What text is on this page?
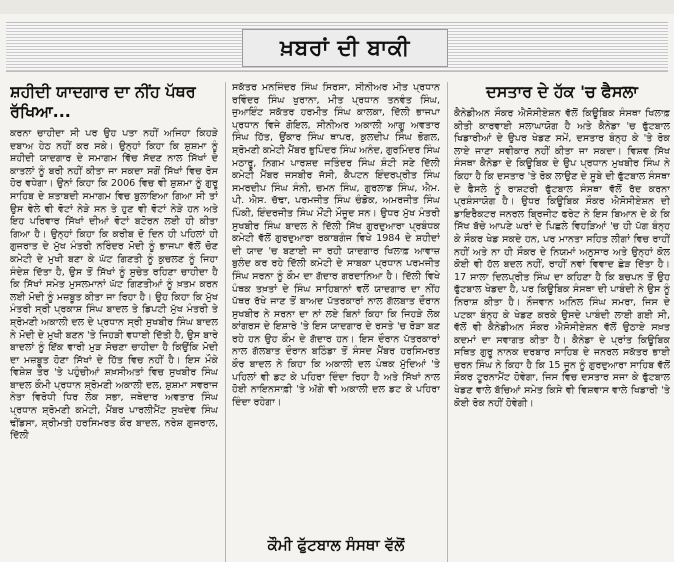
ਖ਼ਬਰਾਂ ਦੀ ਬਾਕੀ
ਸ਼ਹੀਦੀ ਯਾਦਗਾਰ ਦਾ ਨੀਂਹ ਪੱਥਰ ਰੱਖਿਆ...
ਕਰਨਾ ਚਾਹੀਦਾ ਸੀ ਪਰ ਉਹ ਪਤਾ ਨਹੀਂ ਅਜਿਹਾ ਕਿਹੜੇ ਦਬਾਅ ਹੇਠ ਨਹੀਂ ਕਰ ਸਕੇ। ਉਨ੍ਹਾਂ ਕਿਹਾ ਕਿ ਸ਼ੁਸ਼ਮਾ ਨੂੰ ਸ਼ਹੀਦੀ ਯਾਦਗਾਰ ਦੇ ਸਮਾਗਮ ਵਿੱਚ ਸੱਦਣ ਨਾਲ ਸਿੱਖਾਂ ਦੇ ਕਾਤਲਾਂ ਨੂੰ ਬਰੀ ਨਹੀਂ ਕੀਤਾ ਜਾ ਸਕਦਾ ਸਗੋਂ ਸਿੱਖਾਂ ਵਿਚ ਰੋਸ ਹੋਰ ਵਧੇਗਾ। ਉਨਾਂ ਕਿਹਾ ਕਿ 2006 ਵਿਚ ਵੀ ਸ਼ੁਸ਼ਮਾ ਨੂੰ ਗੁਰੂ ਸਾਹਿਬ ਦੇ ਸ਼ਤਾਬਦੀ ਸਮਾਗਮ ਵਿਚ ਬੁਲਾਇਆ ਗਿਆ ਸੀ ਤਾਂ ਉਸ ਵੇਲੇ ਵੀ ਵੋਟਾਂ ਨੇੜੇ ਸਨ ਤੇ ਹੁਣ ਵੀ ਵੋਟਾਂ ਨੇੜੇ ਹਨ ਅਤੇ ਇਹ ਪਰਿਵਾਰ ਸਿੱਖਾਂ ਦੀਆਂ ਵੋਟਾਂ ਬਟੋਰਨ ਲਈ ਹੀ ਕੀਤਾ ਗਿਆ ਹੈ। ਉਨ੍ਹਾਂ ਕਿਹਾ ਕਿ ਕਰੀਬ ਦੋ ਦਿਨ ਹੀ ਪਹਿਲਾਂ ਹੀ ਗੁਜਰਾਤ ਦੇ ਮੁੱਖ ਮੰਤਰੀ ਨਰਿੰਦਰ ਮੋਦੀ ਨੂੰ ਭਾਜਪਾ ਵੱਲੋਂ ਚੋਣ ਕਮੇਟੀ ਦੇ ਮੁਖੀ ਬਣਾ ਕੇ ਘੱਟ ਗਿਣਤੀ ਨੂੰ ਕੁਚਲਣ ਨੂੰ ਜਿਹਾ ਸੰਦੇਸ਼ ਦਿੱਤਾ ਹੈ, ਉਸ ਤੋਂ ਸਿੱਖਾਂ ਨੂੰ ਸੁਚੇਤ ਰਹਿਣਾ ਚਾਹੀਦਾ ਹੈ ਕਿ ਸਿੱਖਾਂ ਸਮੇਤ ਮੁਸਲਮਾਨਾਂ ਘੱਟ ਗਿਣਤੀਆਂ ਨੂੰ ਖ਼ਤਮ ਕਰਨ ਲਈ ਮੋਦੀ ਨੂੰ ਮਜ਼ਬੂਤ ਕੀਤਾ ਜਾ ਰਿਹਾ ਹੈ। ਉਹ ਕਿਹਾ ਕਿ ਮੁੱਖ ਮੰਤਰੀ ਸ੍ਰੀ ਪ੍ਰਕਾਸ਼ ਸਿੰਘ ਬਾਦਲ ਤੇ ਡਿਪਟੀ ਮੁੱਖ ਮੰਤਰੀ ਤੇ ਸ਼੍ਰੋਮਣੀ ਅਕਾਲੀ ਦਲ ਦੇ ਪ੍ਰਧਾਨ ਸ੍ਰੀ ਸੁਖਬੀਰ ਸਿੰਘ ਬਾਦਲ ਨੇ ਮੋਦੀ ਦੇ ਮੁਖੀ ਬਣਨ 'ਤੇ ਜਿਹੜੀ ਵਧਾਈ ਦਿੱਤੀ ਹੈ, ਉਸ ਬਾਰੇ ਬਾਦਲਾਂ ਨੂੰ ਇੱਕ ਵਾਰੀ ਮੁੜ ਸੋਚਣਾ ਚਾਹੀਦਾ ਹੈ ਕਿਉਂਕਿ ਮੋਦੀ ਦਾ ਮਜ਼ਬੂਤ ਹੋਣਾ ਸਿੱਖਾਂ ਦੇ ਹਿੱਤ ਵਿਚ ਨਹੀਂ ਹੈ। ਇਸ ਮੌਕੇ ਵਿਸ਼ੇਸ਼ ਤੌਰ 'ਤੇ ਪਹੁੰਚੀਆਂ ਸ਼ਖ਼ਸੀਅਤਾਂ ਵਿਚ ਸੁਖਬੀਰ ਸਿੰਘ ਬਾਦਲ ਕੌਮੀ ਪ੍ਰਧਾਨ ਸ਼੍ਰੋਮਣੀ ਅਕਾਲੀ ਦਲ, ਸ਼ੁਸ਼ਮਾ ਸਵਰਾਜ ਨੇਤਾ ਵਿਰੋਧੀ ਧਿਰ ਲੋਕ ਸਭਾ, ਜਥੇਦਾਰ ਅਵਤਾਰ ਸਿੰਘ ਪ੍ਰਧਾਨ ਸ਼੍ਰੋਮਣੀ ਕਮੇਟੀ, ਮੈਂਬਰ ਪਾਰਲੀਮੈਂਟ ਸੁਖਦੇਵ ਸਿੰਘ ਢੀਂਡਸਾ, ਸ਼੍ਰੀਮਤੀ ਹਰਸਿਮਰਤ ਕੌਰ ਬਾਦਲ, ਨਰੇਸ਼ ਗੁਜਰਾਲ, ਦਿੱਲੀ
ਸਕੱਤਰ ਮਨਜਿੰਦਰ ਸਿੰਘ ਸਿਰਸਾ, ਸੀਨੀਅਰ ਮੀਤ ਪ੍ਰਧਾਨ ਰਵਿੰਦਰ ਸਿੰਘ ਖੁਰਾਨਾ, ਮੀਤ ਪ੍ਰਧਾਨ ਤਨਵੰਤ ਸਿੰਘ, ਜੁਆਇੰਟ ਸਕੱਤਰ ਹਰਮੀਤ ਸਿੰਘ ਕਾਲਕਾ, ਦਿੱਲੀ ਭਾਜਪਾ ਪ੍ਰਧਾਨ ਵਿਜੇ ਗੋਇਲ, ਸੀਨੀਅਰ ਅਕਾਲੀ ਆਗੂ ਅਵਤਾਰ ਸਿੰਘ ਹਿੱਤ, ਉਂਕਾਰ ਸਿੰਘ ਥਾਪਰ, ਕੁਲਦੀਪ ਸਿੰਘ ਭੋਗਲ, ਸ਼੍ਰੋਮਣੀ ਕਮੇਟੀ ਮੈਂਬਰ ਭੁਪਿੰਦਰ ਸਿੰਘ ਅਨੰਦ, ਗੁਰਮਿੰਦਰ ਸਿੰਘ ਮਠਾਰੂ, ਨਿਗਮ ਪਾਰਸ਼ਦ ਜਤਿੰਦਰ ਸਿੰਘ ਸ਼ੰਟੀ ਸਣੇ ਦਿੱਲੀ ਕਮੇਟੀ ਮੈਂਬਰ ਜਸਬੀਰ ਜੱਸੀ, ਕੈਪਟਨ ਇੰਦਰਪ੍ਰੀਤ ਸਿੰਘ ਸਮਰਦੀਪ ਸਿੰਘ ਸੰਨੀ, ਚਮਨ ਸਿੰਘ, ਗੁਰਲਾਡ ਸਿੰਘ, ਐਮ. ਪੀ. ਐਸ. ਚੱਢਾ, ਪਰਮਜੀਤ ਸਿੰਘ ਚੰਡੋਕ, ਅਮਰਜੀਤ ਸਿੰਘ ਪਿੰਕੀ, ਇੰਦਰਜੀਤ ਸਿੰਘ ਮੌਂਟੀ ਮੌਜੂਦ ਸਨ। ਉਧਰ ਮੁੱਖ ਮੰਤਰੀ ਸੁਖਬੀਰ ਸਿੰਘ ਬਾਦਲ ਨੇ ਦਿੱਲੀ ਸਿੱਖ ਗੁਰਦੁਆਰਾ ਪ੍ਰਬੰਧਕ ਕਮੇਟੀ ਵੱਲੋਂ ਗੁਰਦੁਆਰਾ ਰਕਾਬਗੰਜ ਵਿਖੇ 1984 ਦੇ ਸ਼ਹੀਦਾਂ ਦੀ ਯਾਦ 'ਚ ਬਣਾਈ ਜਾ ਰਹੀ ਯਾਦਗਾਰ ਖਿਲਾਫ਼ ਆਵਾਜ਼ ਬੁਲੰਦ ਕਰ ਰਹੇ ਦਿੱਲੀ ਕਮੇਟੀ ਦੇ ਸਾਬਕਾ ਪ੍ਰਧਾਨ ਪਰਮਜੀਤ ਸਿੰਘ ਸਰਨਾ ਨੂੰ ਕੌਮ ਦਾ ਗੱਦਾਰ ਗਰਦਾਨਿਆ ਹੈ। ਦਿੱਲੀ ਵਿਖੇ ਪੰਥਕ ਤਖ਼ਤਾਂ ਦੇ ਸਿੰਘ ਸਾਹਿਬਾਨਾਂ ਵਲੋਂ ਯਾਦਗਾਰ ਦਾ ਨੀਂਹ ਪੱਥਰ ਰੱਖੇ ਜਾਣ ਤੋਂ ਬਾਅਦ ਪੱਤਰਕਾਰਾਂ ਨਾਲ ਗੱਲਬਾਤ ਦੌਰਾਨ ਸੁਖਬੀਰ ਨੇ ਸਰਨਾ ਦਾ ਨਾਂ ਲਏ ਬਿਨਾਂ ਕਿਹਾ ਕਿ ਜਿਹੜੇ ਲੋਕ ਕਾਂਗਰਸ ਦੇ ਇਸ਼ਾਰੇ 'ਤੇ ਇਸ ਯਾਦਗਾਰ ਦੇ ਰਸਤੇ 'ਚ ਰੋੜਾ ਬਣ ਰਹੇ ਹਨ ਉਹ ਕੌਮ ਦੇ ਗੱਦਾਰ ਹਨ। ਇਸ ਦੌਰਾਨ ਪੱਤਰਕਾਰਾਂ ਨਾਲ ਗੱਲਬਾਤ ਦੌਰਾਨ ਬਠਿੰਡਾ ਤੋਂ ਸੰਸਦ ਮੈਂਬਰ ਹਰਸਿਮਰਤ ਕੌਰ ਬਾਦਲ ਨੇ ਕਿਹਾ ਕਿ ਅਕਾਲੀ ਦਲ ਪੰਥਕ ਮੁੱਦਿਆਂ 'ਤੇ ਪਹਿਲਾਂ ਵੀ ਡਟ ਕੇ ਪਹਿਰਾ ਦਿੰਦਾ ਰਿਹਾ ਹੈ ਅਤੇ ਸਿੱਖਾਂ ਨਾਲ ਹੋਈ ਨਾਇਨਸਾਫ਼ੀ 'ਤੇ ਅੱਗੇ ਵੀ ਅਕਾਲੀ ਦਲ ਡਟ ਕੇ ਪਹਿਰਾ ਦਿੰਦਾ ਰਹੇਗਾ।
ਕੌਮੀ ਫੁੱਟਬਾਲ ਸੰਸਥਾ ਵੱਲੋਂ
ਦਸਤਾਰ ਦੇ ਹੱਕ 'ਚ ਫੈਸਲਾ
ਕੈਨੇਡੀਅਨ ਸੌਕਰ ਐਸੋਸੀਏਸ਼ਨ ਵੱਲੋਂ ਕਿਊਬਿਕ ਸੰਸਥਾ ਖਿਲਾਫ਼ ਕੀਤੀ ਕਾਰਵਾਈ ਸਲਾਘਾਯੋਗ ਹੈ ਅਤੇ ਕੈਨੇਡਾ 'ਚ ਫੁੱਟਬਾਲ ਖਿਡਾਰੀਆਂ ਦੇ ਉਪਰ ਖੇਡਣ ਸਮੇਂ, ਦਸਤਾਰ ਬੰਨ੍ਹ ਕੇ 'ਤੇ ਰੋਕ ਲਾਏ ਜਾਣਾ ਸਵੀਕਾਰ ਨਹੀਂ ਕੀਤਾ ਜਾ ਸਕਦਾ। ਵਿਸ਼ਵ ਸਿੱਖ ਸੰਸਥਾ ਕੈਨੇਡਾ ਦੇ ਕਿਊਬਿਕ ਦੇ ਉਪ ਪ੍ਰਧਾਨ ਮੁਖਬੀਰ ਸਿੰਘ ਨੇ ਕਿਹਾ ਹੈ ਕਿ ਦਸਤਾਰ 'ਤੇ ਰੋਕ ਲਾਉਣ ਦੇ ਸੂਬੇ ਦੀ ਫੁੱਟਬਾਲ ਸੰਸਥਾ ਦੇ ਫੈਸਲੇ ਨੂੰ ਰਾਸ਼ਟਰੀ ਫੁੱਟਬਾਲ ਸੰਸਥਾ ਵੱਲੋਂ ਰੱਦ ਕਰਨਾ ਪ੍ਰਸ਼ੰਸਾਯੋਗ ਹੈ। ਉਧਰ ਕਿਊਬਿਕ ਸੌਕਰ ਐਸੋਸੀਏਸ਼ਨ ਦੀ ਡਾਇਰੈਕਟਰ ਜਨਰਲ ਬ੍ਰਿਜੀਟ ਫਰੇਟ ਨੇ ਇਸ ਬਿਆਨ ਦੇ ਕੇ ਕਿ ਸਿੱਖ ਬੱਚੇ ਆਪਣੇ ਘਰਾਂ ਦੇ ਪਿਛਲੇ ਵਿਹੜਿਆਂ 'ਚ ਹੀ ਪੱਗ ਬੰਨ੍ਹ ਕੇ ਸੌਕਰ ਖੇਡ ਸਕਦੇ ਹਨ, ਪਰ ਮਾਨਤਾ ਸਹਿਤ ਲੀਗਾਂ ਵਿਚ ਰਾਹੀਂ ਨਹੀਂ ਅਤੇ ਨਾ ਹੀ ਸੌਕਰ ਦੇ ਨਿਯਮਾਂ ਅਨੁਸਾਰ ਅਤੇ ਉਨ੍ਹਾਂ ਕੋਲ ਕੋਈ ਵੀ ਹੱਲ ਬਦਲ ਨਹੀਂ, ਰਾਹੀਂ ਨਵਾਂ ਵਿਵਾਦ ਛੇੜ ਦਿੱਤਾ ਹੈ। 17 ਸਾਲਾ ਦਿਲਪ੍ਰੀਤ ਸਿੰਘ ਦਾ ਕਹਿਣਾ ਹੈ ਕਿ ਬਚਪਨ ਤੋਂ ਉਹ ਫੁੱਟਬਾਲ ਖੇਡਦਾ ਹੈ, ਪਰ ਕਿਊਬਿਕ ਸੰਸਥਾ ਦੀ ਪਾਬੰਦੀ ਨੇ ਉਸ ਨੂੰ ਨਿਰਾਸ਼ ਕੀਤਾ ਹੈ। ਨੌਜਵਾਨ ਅਨਿਲ ਸਿੰਘ ਸਮਰਾ, ਜਿਸ ਦੇ ਪਟਕਾ ਬੰਨ੍ਹ ਕੇ ਖੇਡਣ ਕਰਕੇ ਉਸਦੇ ਪਾਬੰਦੀ ਲਾਈ ਗਈ ਸੀ, ਵੱਲੋਂ ਵੀ ਕੈਨੇਡੀਅਨ ਸੌਕਰ ਐਸੋਸੀਏਸ਼ਨ ਵੱਲੋਂ ਉਠਾਏ ਸਖ਼ਤ ਕਦਮਾਂ ਦਾ ਸਵਾਗਤ ਕੀਤਾ ਹੈ। ਕੈਨੇਡਾ ਦੇ ਪ੍ਰਾਂਤ ਕਿਊਬਿਕ ਸਥਿਤ ਗੁਰੂ ਨਾਨਕ ਦਰਬਾਰ ਸਾਹਿਬ ਦੇ ਜਨਰਲ ਸਕੱਤਰ ਭਾਈ ਚਰਨ ਸਿੰਘ ਨੇ ਕਿਹਾ ਹੈ ਕਿ 15 ਜੂਨ ਨੂੰ ਗੁਰਦੁਆਰਾ ਸਾਹਿਬ ਵੱਲੋਂ ਸੌਕਰ ਟੂਰਨਾਮੈਂਟ ਹੋਵੇਗਾ, ਜਿਸ ਵਿਚ ਦਸਤਾਰ ਸਜਾ ਕੇ ਫੁੱਟਬਾਲ ਖੇਡਣ ਵਾਲੇ ਬੱਚਿਆਂ ਸਮੇਤ ਕਿਸੇ ਵੀ ਵਿਸ਼ਵਾਸ ਵਾਲੇ ਖਿਡਾਰੀ 'ਤੇ ਕੋਈ ਰੋਕ ਨਹੀਂ ਹੋਵੇਗੀ।
